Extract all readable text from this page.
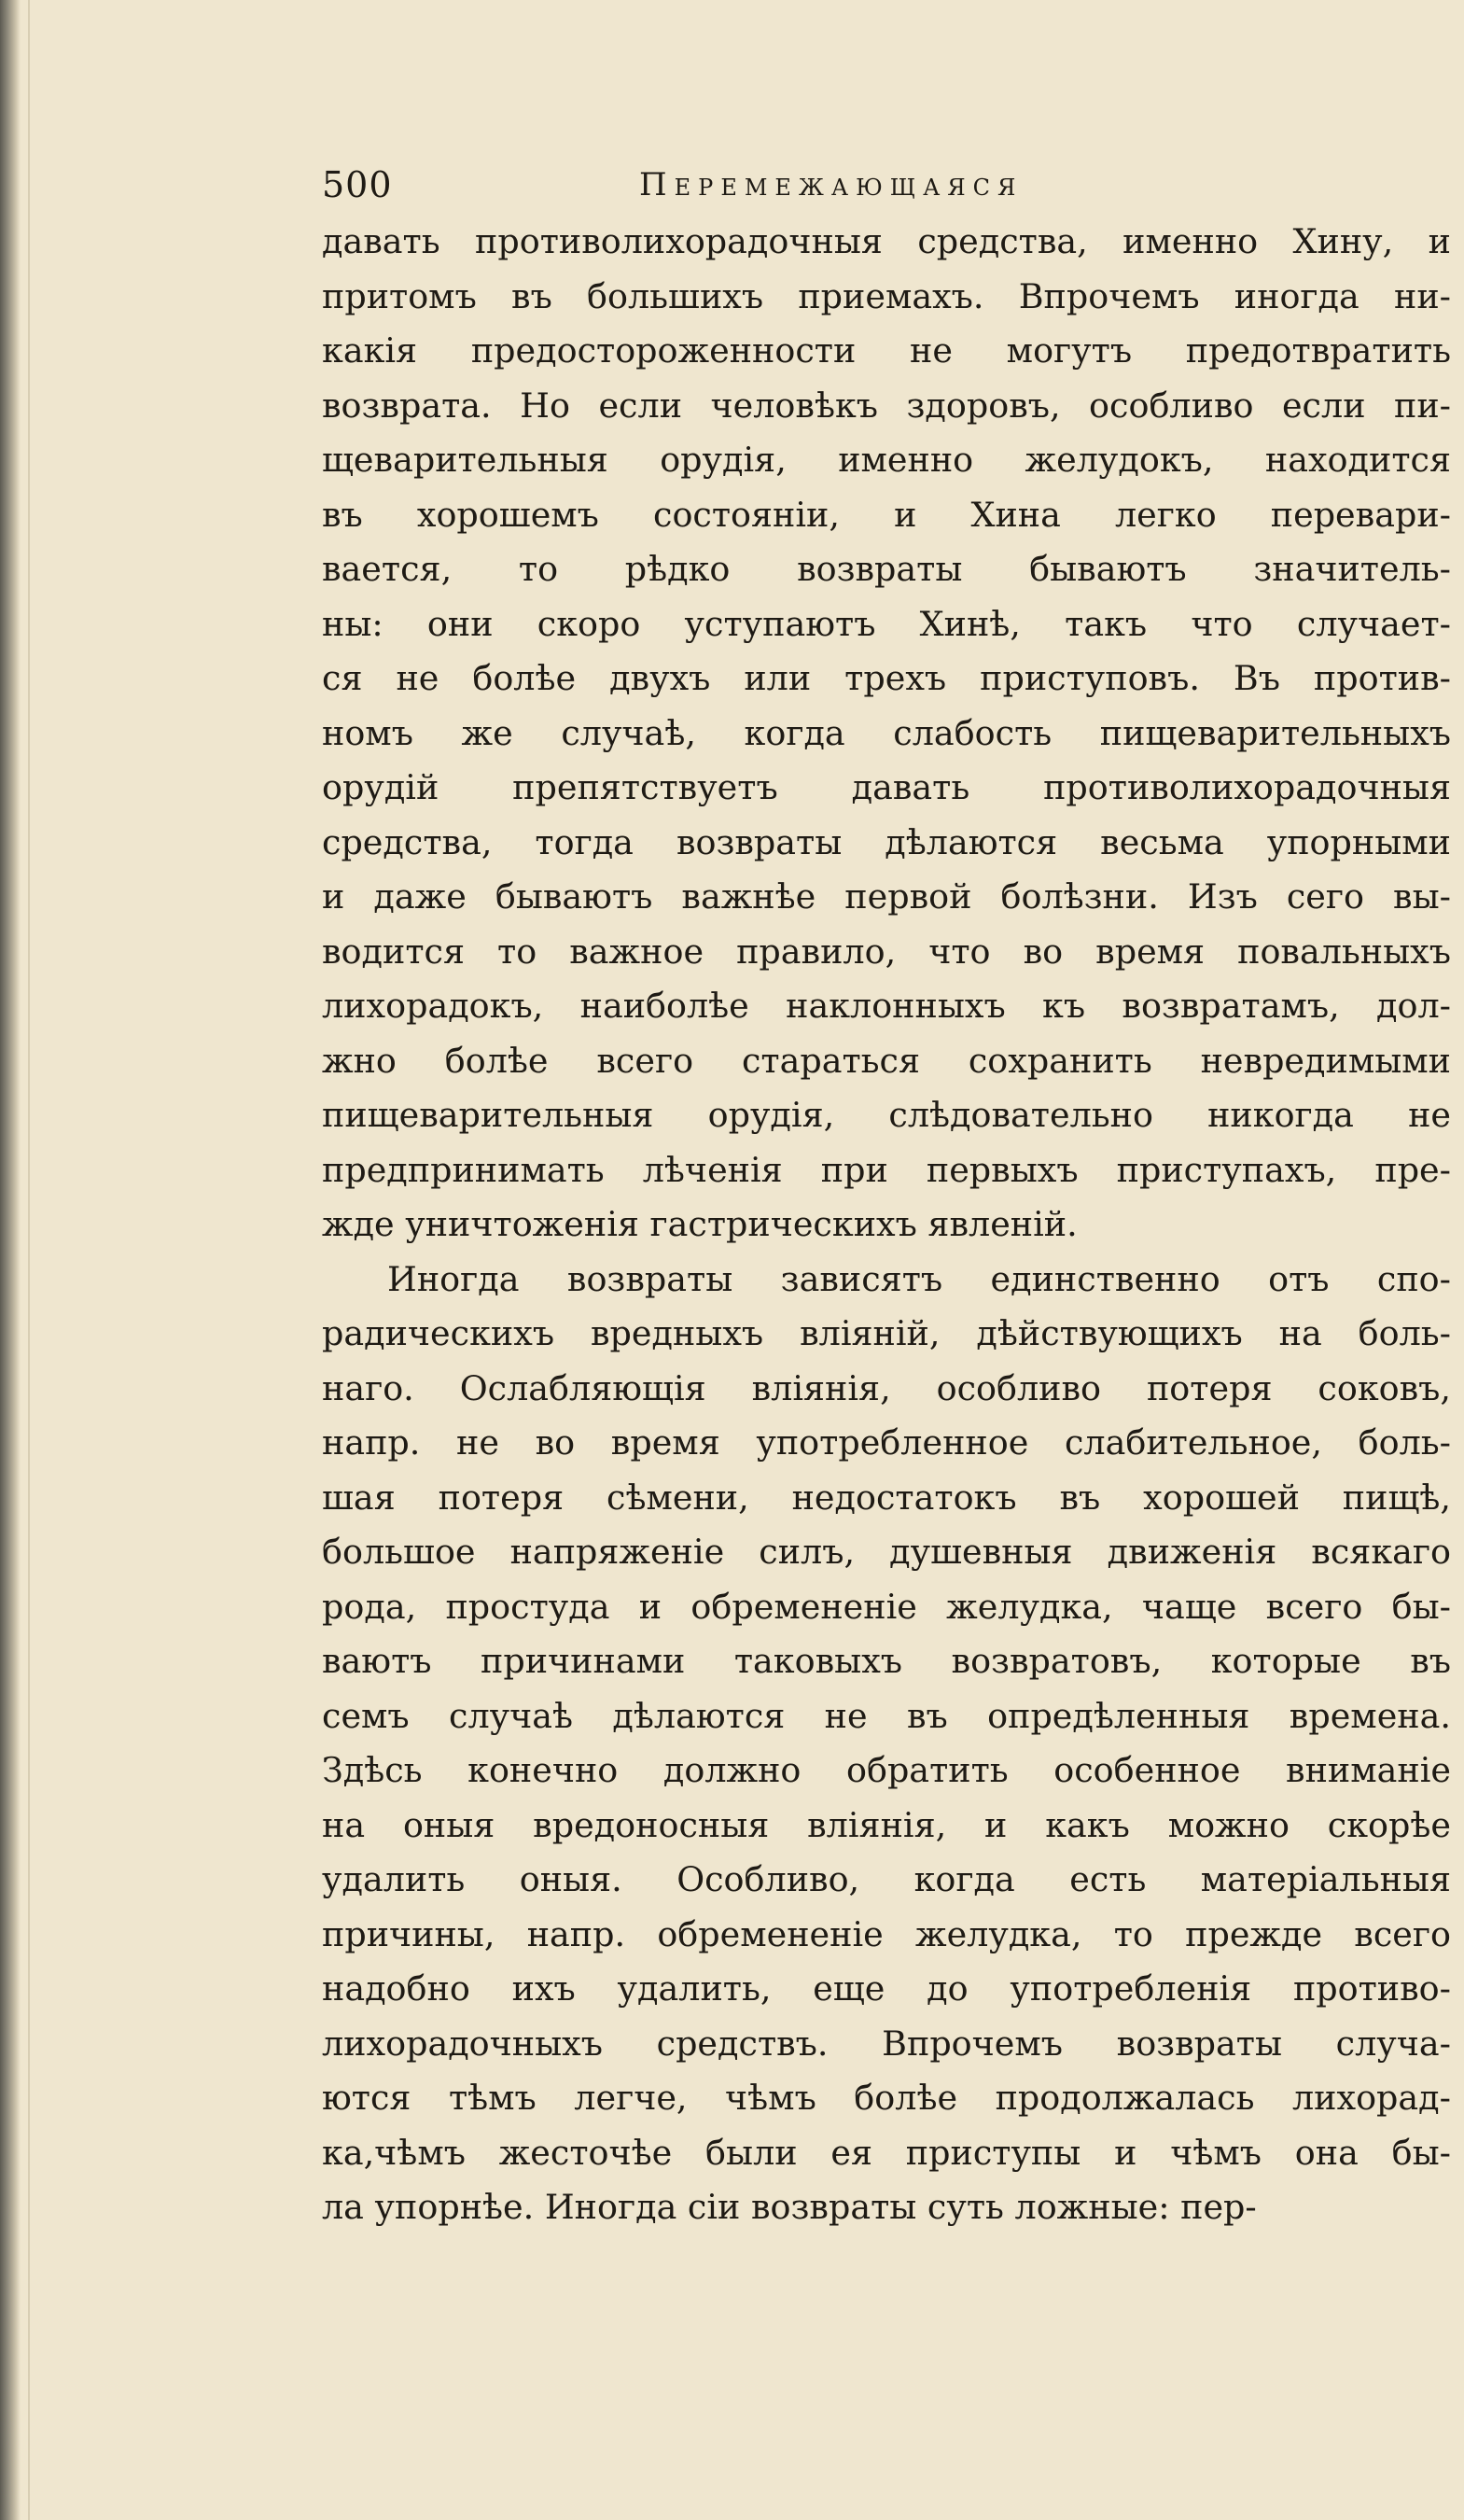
500	Перемежающаяся

давать противолихорадочныя средства, именно Хину, и
притомъ въ большихъ приемахъ. Впрочемъ иногда ни-
какія предостороженности не могутъ предотвратить
возврата. Но если человѣкъ здоровъ, особливо если пи-
щеварительныя орудія, именно желудокъ, находится
въ хорошемъ состояніи, и Хина легко перевари-
вается, то рѣдко возвраты бываютъ значитель-
ны: они скоро уступаютъ Хинѣ, такъ что случает-
ся не болѣе двухъ или трехъ приступовъ. Въ против-
номъ же случаѣ, когда слабость пищеварительныхъ
орудій препятствуетъ давать противолихорадочныя
средства, тогда возвраты дѣлаются весьма упорными
и даже бываютъ важнѣе первой болѣзни. Изъ сего вы-
водится то важное правило, что во время повальныхъ
лихорадокъ, наиболѣе наклонныхъ къ возвратамъ, дол-
жно болѣе всего стараться сохранить невредимыми
пищеварительныя орудія, слѣдовательно никогда не
предпринимать лѣченія при первыхъ приступахъ, пре-
жде уничтоженія гастрическихъ явленій.

Иногда возвраты зависятъ единственно отъ спо-
радическихъ вредныхъ вліяній, дѣйствующихъ на боль-
наго. Ослабляющія вліянія, особливо потеря соковъ,
напр. не во время употребленное слабительное, боль-
шая потеря сѣмени, недостатокъ въ хорошей пищѣ,
большое напряженіе силъ, душевныя движенія всякаго
рода, простуда и обремененіе желудка, чаще всего бы-
ваютъ причинами таковыхъ возвратовъ, которые въ
семъ случаѣ дѣлаются не въ опредѣленныя времена.
Здѣсь конечно должно обратить особенное вниманіе
на оныя вредоносныя вліянія, и какъ можно скорѣе
удалить оныя. Особливо, когда есть матеріальныя
причины, напр. обремененіе желудка, то прежде всего
надобно ихъ удалить, еще до употребленія противо-
лихорадочныхъ средствъ. Впрочемъ возвраты случа-
ются тѣмъ легче, чѣмъ болѣе продолжалась лихорад-
ка,чѣмъ жесточѣе были ея приступы и чѣмъ она бы-
ла упорнѣе. Иногда сіи возвраты суть ложные: пер-
